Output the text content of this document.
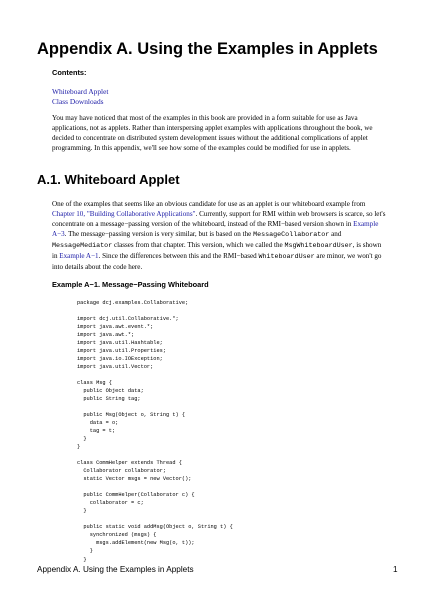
Appendix A. Using the Examples in Applets
Contents:
Whiteboard Applet
Class Downloads

You may have noticed that most of the examples in this book are provided in a form suitable for use as Java applications, not as applets. Rather than interspersing applet examples with applications throughout the book, we decided to concentrate on distributed system development issues without the additional complications of applet programming. In this appendix, we'll see how some of the examples could be modified for use in applets.

A.1. Whiteboard Applet

One of the examples that seems like an obvious candidate for use as an applet is our whiteboard example from Chapter 10, "Building Collaborative Applications". Currently, support for RMI within web browsers is scarce, so let's concentrate on a message−passing version of the whiteboard, instead of the RMI−based version shown in Example A−3. The message−passing version is very similar, but is based on the MessageCollaborator and MessageMediator classes from that chapter. This version, which we called the MsgWhiteboardUser, is shown in Example A−1. Since the differences between this and the RMI−based WhiteboardUser are minor, we won't go into details about the code here.

Example A−1. Message−Passing Whiteboard
package dcj.examples.Collaborative;
import dcj.util.Collaborative.*;
import java.awt.event.*;
import java.awt.*;
import java.util.Hashtable;
import java.util.Properties;
import java.io.IOException;
import java.util.Vector;
class Msg {
public Object data;
public String tag;
public Msg(Object o, String t) {
data = o;
tag = t;
}
}
class CommHelper extends Thread {
Collaborator collaborator;
static Vector msgs = new Vector();
public CommHelper(Collaborator c) {
collaborator = c;
}
public static void addMsg(Object o, String t) {
synchronized (msgs) {
msgs.addElement(new Msg(o, t));
}
}
Appendix A. Using the Examples in Applets	1
